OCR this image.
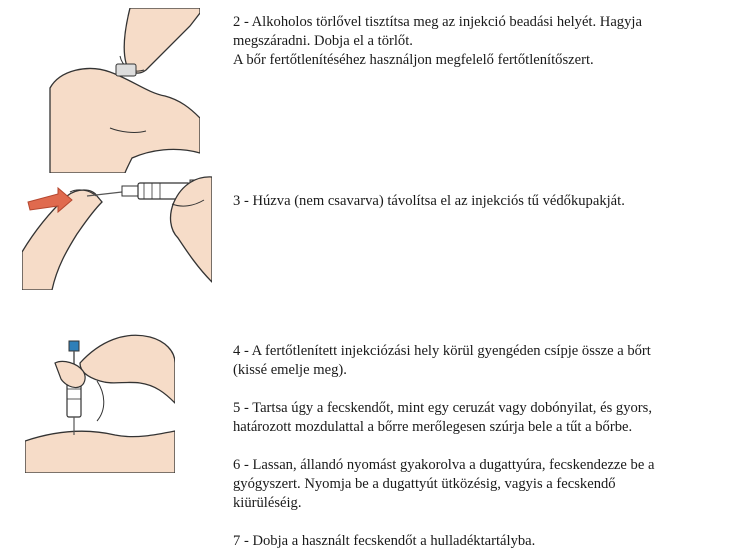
2 - Alkoholos törlővel tisztítsa meg az injekció beadási helyét. Hagyja

megszáradni. Dobja el a törlőt.

A bőr fertőtlenítéséhez használjon megfelelő fertőtlenítőszert.

3 - Húzva (nem csavarva) távolítsa el az injekciós tű védőkupakját.

4 - A fertőtlenített injekciózási hely körül gyengéden csípje össze a bőrt

(kissé emelje meg).

5 - Tartsa úgy a fecskendőt, mint egy ceruzát vagy dobónyilat, és gyors,

határozott mozdulattal a bőrre merőlegesen szúrja bele a tűt a bőrbe.

6 - Lassan, állandó nyomást gyakorolva a dugattyúra, fecskendezze be a

gyógyszert. Nyomja be a dugattyút ütközésig, vagyis a fecskendő

kiürüléséig.

7 - Dobja a használt fecskendőt a hulladéktartályba.
